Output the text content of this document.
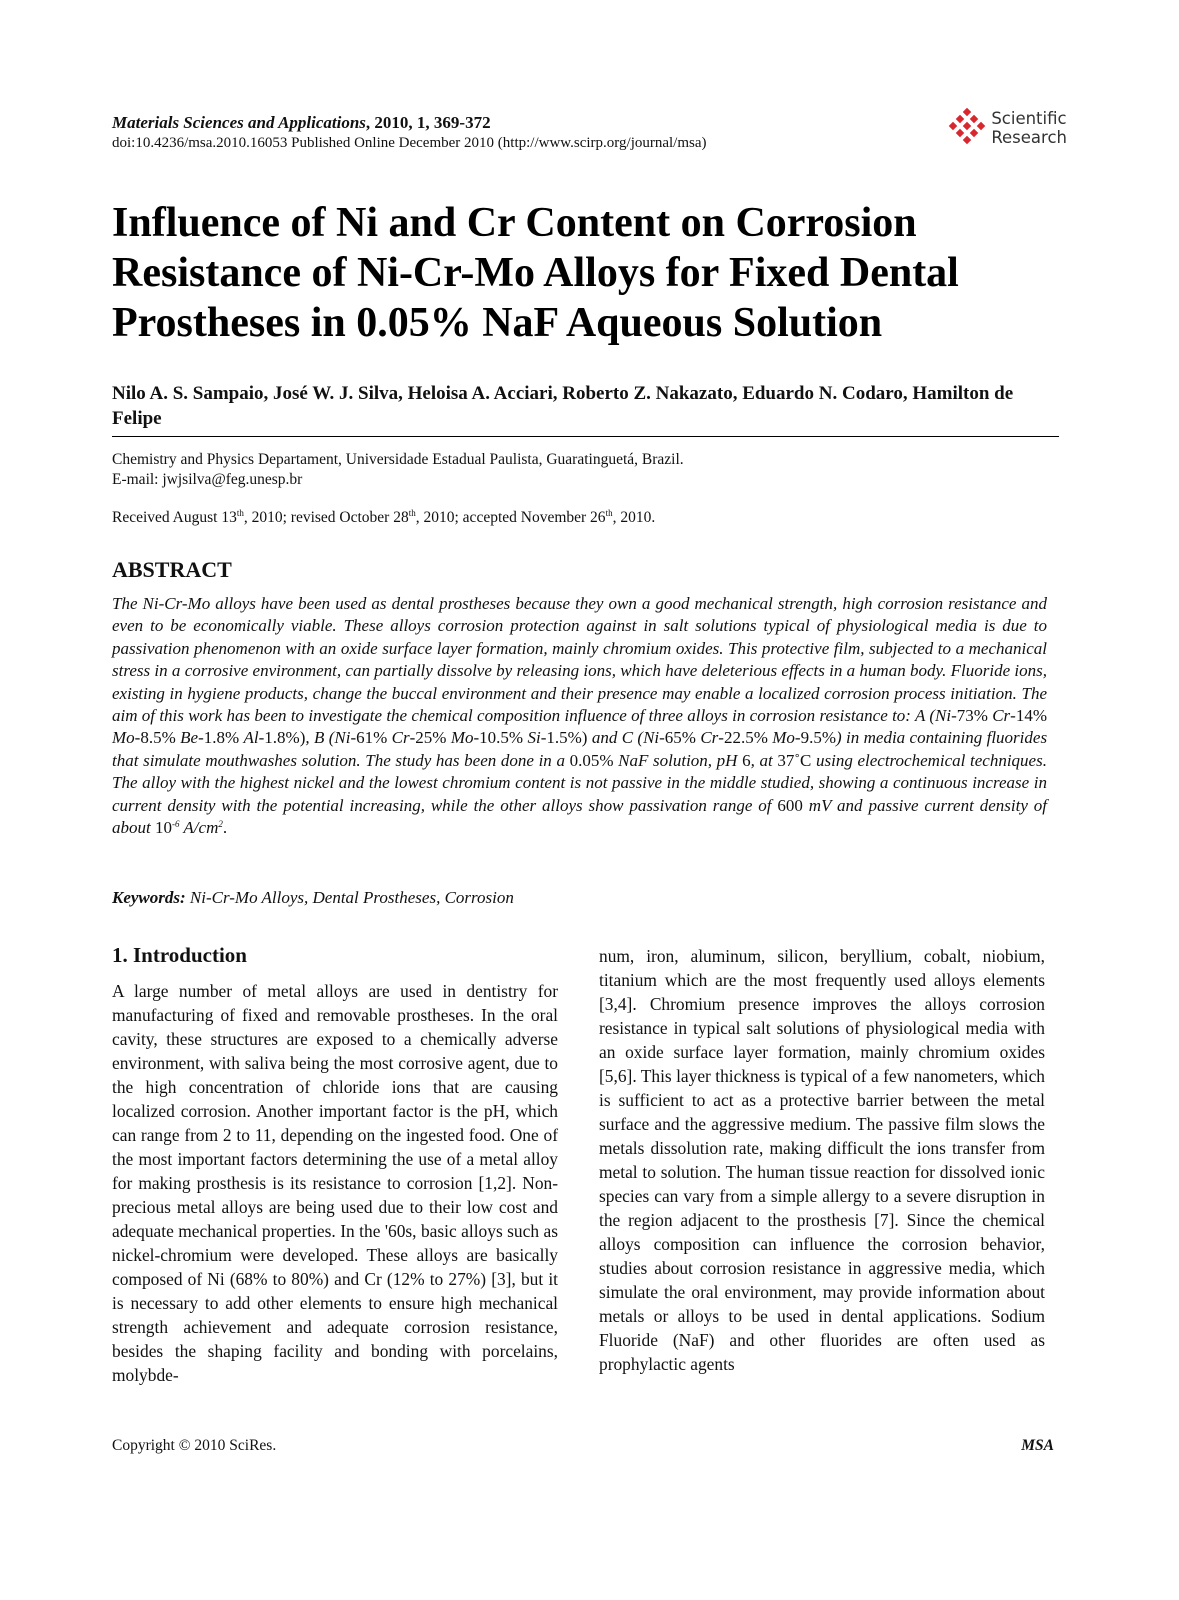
Materials Sciences and Applications, 2010, 1, 369-372
doi:10.4236/msa.2010.16053 Published Online December 2010 (http://www.scirp.org/journal/msa)
Scientific
Research
Influence of Ni and Cr Content on Corrosion Resistance of Ni-Cr-Mo Alloys for Fixed Dental Prostheses in 0.05% NaF Aqueous Solution
Nilo A. S. Sampaio, José W. J. Silva, Heloisa A. Acciari, Roberto Z. Nakazato, Eduardo N. Codaro, Hamilton de Felipe
Chemistry and Physics Departament, Universidade Estadual Paulista, Guaratinguetá, Brazil.
E-mail: jwjsilva@feg.unesp.br
Received August 13th, 2010; revised October 28th, 2010; accepted November 26th, 2010.
ABSTRACT

The Ni-Cr-Mo alloys have been used as dental prostheses because they own a good mechanical strength, high corrosion resistance and even to be economically viable. These alloys corrosion protection against in salt solutions typical of physiological media is due to passivation phenomenon with an oxide surface layer formation, mainly chromium oxides. This protective film, subjected to a mechanical stress in a corrosive environment, can partially dissolve by releasing ions, which have deleterious effects in a human body. Fluoride ions, existing in hygiene products, change the buccal environment and their presence may enable a localized corrosion process initiation. The aim of this work has been to investigate the chemical composition influence of three alloys in corrosion resistance to: A (Ni-73% Cr-14% Mo-8.5% Be-1.8% Al-1.8%), B (Ni-61% Cr-25% Mo-10.5% Si-1.5%) and C (Ni-65% Cr-22.5% Mo-9.5%) in media containing fluorides that simulate mouthwashes solution. The study has been done in a 0.05% NaF solution, pH 6, at 37˚C using electrochemical techniques. The alloy with the highest nickel and the lowest chromium content is not passive in the middle studied, showing a continuous increase in current density with the potential increasing, while the other alloys show passivation range of 600 mV and passive current density of about $10^{-6}$ $A/cm^2$.

Keywords: Ni-Cr-Mo Alloys, Dental Prostheses, Corrosion
1. Introduction

A large number of metal alloys are used in dentistry for manufacturing of fixed and removable prostheses. In the oral cavity, these structures are exposed to a chemically adverse environment, with saliva being the most corrosive agent, due to the high concentration of chloride ions that are causing localized corrosion. Another important factor is the pH, which can range from 2 to 11, depending on the ingested food. One of the most important factors determining the use of a metal alloy for making prosthesis is its resistance to corrosion [1,2]. Non-precious metal alloys are being used due to their low cost and adequate mechanical properties. In the '60s, basic alloys such as nickel-chromium were developed. These alloys are basically composed of Ni (68% to 80%) and Cr (12% to 27%) [3], but it is necessary to add other elements to ensure high mechanical strength achievement and adequate corrosion resistance, besides the shaping facility and bonding with porcelains, molybde-

num, iron, aluminum, silicon, beryllium, cobalt, niobium, titanium which are the most frequently used alloys elements [3,4]. Chromium presence improves the alloys corrosion resistance in typical salt solutions of physiological media with an oxide surface layer formation, mainly chromium oxides [5,6]. This layer thickness is typical of a few nanometers, which is sufficient to act as a protective barrier between the metal surface and the aggressive medium. The passive film slows the metals dissolution rate, making difficult the ions transfer from metal to solution. The human tissue reaction for dissolved ionic species can vary from a simple allergy to a severe disruption in the region adjacent to the prosthesis [7]. Since the chemical alloys composition can influence the corrosion behavior, studies about corrosion resistance in aggressive media, which simulate the oral environment, may provide information about metals or alloys to be used in dental applications. Sodium Fluoride (NaF) and other fluorides are often used as prophylactic agents

Copyright © 2010 SciRes.	MSA
